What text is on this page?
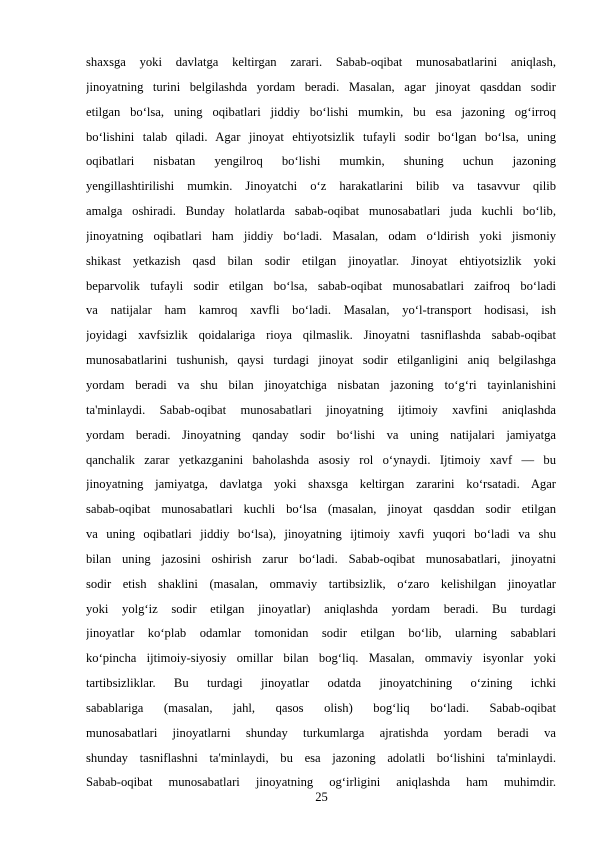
shaxsga yoki davlatga keltirgan zarari. Sabab-oqibat munosabatlarini aniqlash,
jinoyatning turini belgilashda yordam beradi. Masalan, agar jinoyat qasddan sodir
etilgan bo‘lsa, uning oqibatlari jiddiy bo‘lishi mumkin, bu esa jazoning og‘irroq
bo‘lishini talab qiladi. Agar jinoyat ehtiyotsizlik tufayli sodir bo‘lgan bo‘lsa, uning
oqibatlari nisbatan yengilroq bo‘lishi mumkin, shuning uchun jazoning
yengillashtirilishi mumkin. Jinoyatchi o‘z harakatlarini bilib va tasavvur qilib
amalga oshiradi. Bunday holatlarda sabab-oqibat munosabatlari juda kuchli bo‘lib,
jinoyatning oqibatlari ham jiddiy bo‘ladi. Masalan, odam o‘ldirish yoki jismoniy
shikast yetkazish qasd bilan sodir etilgan jinoyatlar. Jinoyat ehtiyotsizlik yoki
beparvolik tufayli sodir etilgan bo‘lsa, sabab-oqibat munosabatlari zaifroq bo‘ladi
va natijalar ham kamroq xavfli bo‘ladi. Masalan, yo‘l-transport hodisasi, ish
joyidagi xavfsizlik qoidalariga rioya qilmaslik. Jinoyatni tasniflashda sabab-oqibat
munosabatlarini tushunish, qaysi turdagi jinoyat sodir etilganligini aniq belgilashga
yordam beradi va shu bilan jinoyatchiga nisbatan jazoning to‘g‘ri tayinlanishini
ta'minlaydi. Sabab-oqibat munosabatlari jinoyatning ijtimoiy xavfini aniqlashda
yordam beradi. Jinoyatning qanday sodir bo‘lishi va uning natijalari jamiyatga
qanchalik zarar yetkazganini baholashda asosiy rol o‘ynaydi. Ijtimoiy xavf — bu
jinoyatning jamiyatga, davlatga yoki shaxsga keltirgan zararini ko‘rsatadi. Agar
sabab-oqibat munosabatlari kuchli bo‘lsa (masalan, jinoyat qasddan sodir etilgan
va uning oqibatlari jiddiy bo‘lsa), jinoyatning ijtimoiy xavfi yuqori bo‘ladi va shu
bilan uning jazosini oshirish zarur bo‘ladi. Sabab-oqibat munosabatlari, jinoyatni
sodir etish shaklini (masalan, ommaviy tartibsizlik, o‘zaro kelishilgan jinoyatlar
yoki yolg‘iz sodir etilgan jinoyatlar) aniqlashda yordam beradi. Bu turdagi
jinoyatlar ko‘plab odamlar tomonidan sodir etilgan bo‘lib, ularning sabablari
ko‘pincha ijtimoiy-siyosiy omillar bilan bog‘liq. Masalan, ommaviy isyonlar yoki
tartibsizliklar. Bu turdagi jinoyatlar odatda jinoyatchining o‘zining ichki
sabablariga (masalan, jahl, qasos olish) bog‘liq bo‘ladi. Sabab-oqibat
munosabatlari jinoyatlarni shunday turkumlarga ajratishda yordam beradi va
shunday tasniflashni ta'minlaydi, bu esa jazoning adolatli bo‘lishini ta'minlaydi.
Sabab-oqibat munosabatlari jinoyatning og‘irligini aniqlashda ham muhimdir.
25
